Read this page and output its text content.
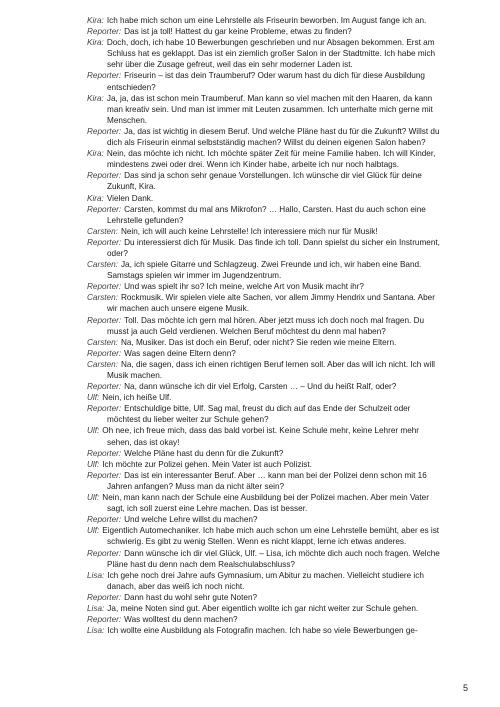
Kira: Ich habe mich schon um eine Lehrstelle als Friseurin beworben. Im August fange ich an.

Reporter: Das ist ja toll! Hattest du gar keine Probleme, etwas zu finden?

Kira: Doch, doch, ich habe 10 Bewerbungen geschrieben und nur Absagen bekommen. Erst am Schluss hat es geklappt. Das ist ein ziemlich großer Salon in der Stadtmitte. Ich habe mich sehr über die Zusage gefreut, weil das ein sehr moderner Laden ist.

Reporter: Friseurin – ist das dein Traumberuf? Oder warum hast du dich für diese Ausbildung entschieden?

Kira: Ja, ja, das ist schon mein Traumberuf. Man kann so viel machen mit den Haaren, da kann man kreativ sein. Und man ist immer mit Leuten zusammen. Ich unterhalte mich gerne mit Menschen.

Reporter: Ja, das ist wichtig in diesem Beruf. Und welche Pläne hast du für die Zukunft? Willst du dich als Friseurin einmal selbstständig machen? Willst du deinen eigenen Salon haben?

Kira: Nein, das möchte ich nicht. Ich möchte später Zeit für meine Familie haben. Ich will Kinder, mindestens zwei oder drei. Wenn ich Kinder habe, arbeite ich nur noch halbtags.

Reporter: Das sind ja schon sehr genaue Vorstellungen. Ich wünsche dir viel Glück für deine Zukunft, Kira.

Kira: Vielen Dank.

Reporter: Carsten, kommst du mal ans Mikrofon? … Hallo, Carsten. Hast du auch schon eine Lehrstelle gefunden?

Carsten: Nein, ich will auch keine Lehrstelle! Ich interessiere mich nur für Musik!

Reporter: Du interessierst dich für Musik. Das finde ich toll. Dann spielst du sicher ein Instrument, oder?

Carsten: Ja, ich spiele Gitarre und Schlagzeug. Zwei Freunde und ich, wir haben eine Band. Samstags spielen wir immer im Jugendzentrum.

Reporter: Und was spielt ihr so? Ich meine, welche Art von Musik macht ihr?

Carsten: Rockmusik. Wir spielen viele alte Sachen, vor allem Jimmy Hendrix und Santana. Aber wir machen auch unsere eigene Musik.

Reporter: Toll. Das möchte ich gern mal hören. Aber jetzt muss ich doch noch mal fragen. Du musst ja auch Geld verdienen. Welchen Beruf möchtest du denn mal haben?

Carsten: Na, Musiker. Das ist doch ein Beruf, oder nicht? Sie reden wie meine Eltern.

Reporter: Was sagen deine Eltern denn?

Carsten: Na, die sagen, dass ich einen richtigen Beruf lernen soll. Aber das will ich nicht. Ich will Musik machen.

Reporter: Na, dann wünsche ich dir viel Erfolg, Carsten … – Und du heißt Ralf, oder?

Ulf: Nein, ich heiße Ulf.

Reporter: Entschuldige bitte, Ulf. Sag mal, freust du dich auf das Ende der Schulzeit oder möchtest du lieber weiter zur Schule gehen?

Ulf: Oh nee, ich freue mich, dass das bald vorbei ist. Keine Schule mehr, keine Lehrer mehr sehen, das ist okay!

Reporter: Welche Pläne hast du denn für die Zukunft?

Ulf: Ich möchte zur Polizei gehen. Mein Vater ist auch Polizist.

Reporter: Das ist ein interessanter Beruf. Aber … kann man bei der Polizei denn schon mit 16 Jahren anfangen? Muss man da nicht älter sein?

Ulf: Nein, man kann nach der Schule eine Ausbildung bei der Polizei machen. Aber mein Vater sagt, ich soll zuerst eine Lehre machen. Das ist besser.

Reporter: Und welche Lehre willst du machen?

Ulf: Eigentlich Automechaniker. Ich habe mich auch schon um eine Lehrstelle bemüht, aber es ist schwierig. Es gibt zu wenig Stellen. Wenn es nicht klappt, lerne ich etwas anderes.

Reporter: Dann wünsche ich dir viel Glück, Ulf. – Lisa, ich möchte dich auch noch fragen. Welche Pläne hast du denn nach dem Realschulabschluss?

Lisa: Ich gehe noch drei Jahre aufs Gymnasium, um Abitur zu machen. Vielleicht studiere ich danach, aber das weiß ich noch nicht.

Reporter: Dann hast du wohl sehr gute Noten?

Lisa: Ja, meine Noten sind gut. Aber eigentlich wollte ich gar nicht weiter zur Schule gehen.

Reporter: Was wolltest du denn machen?

Lisa: Ich wollte eine Ausbildung als Fotografin machen. Ich habe so viele Bewerbungen ge-

5
